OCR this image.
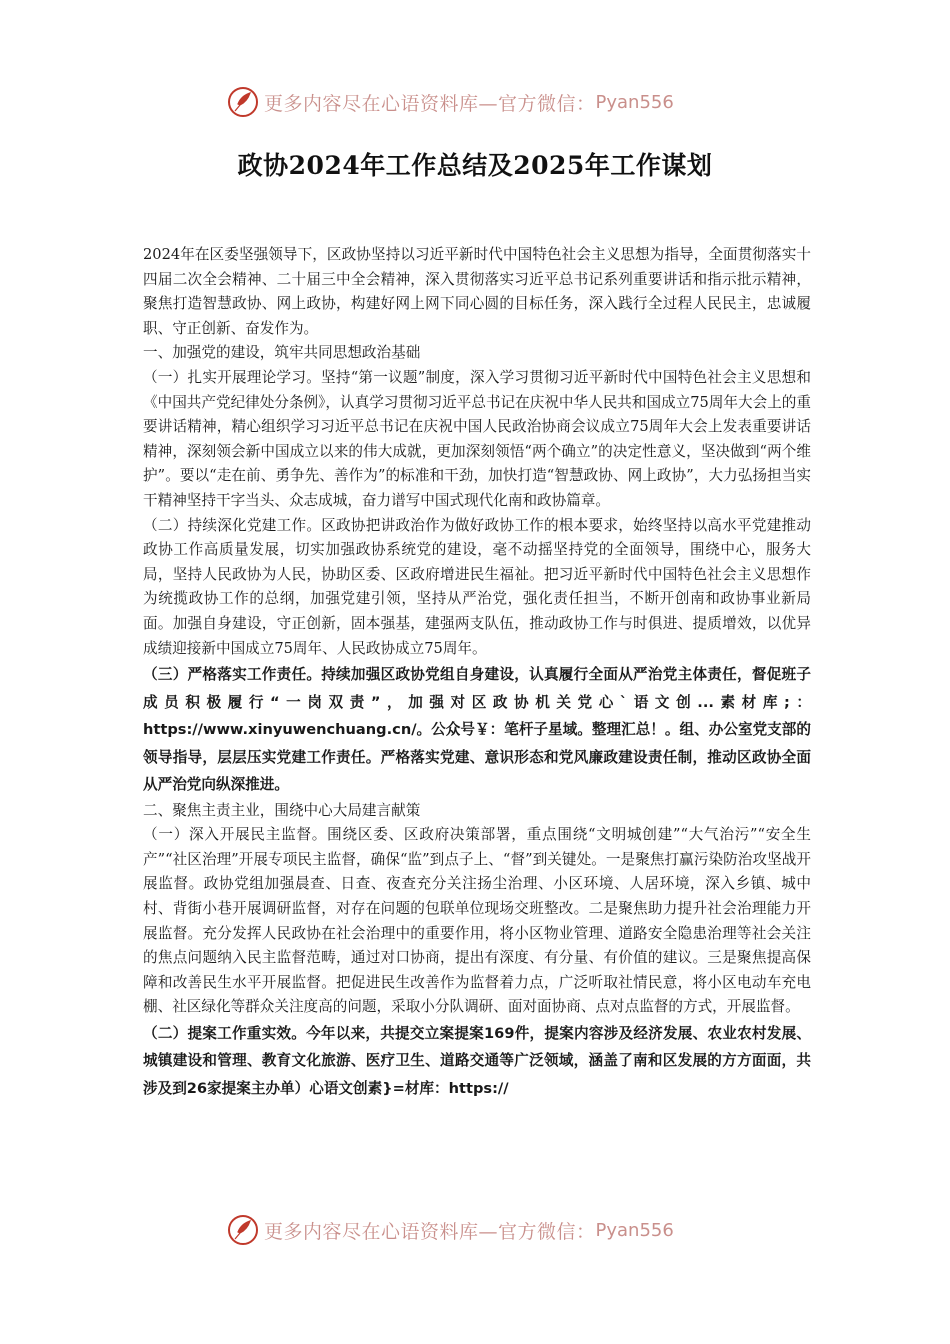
更多内容尽在心语资料库—官方微信： Pyan556
政协2024年工作总结及2025年工作谋划

2024年在区委坚强领导下，区政协坚持以习近平新时代中国特色社会主义思想为指导，全面贯彻落实十四届二次全会精神、二十届三中全会精神，深入贯彻落实习近平总书记系列重要讲话和指示批示精神，聚焦打造智慧政协、网上政协，构建好网上网下同心圆的目标任务，深入践行全过程人民民主，忠诚履职、守正创新、奋发作为。

一、加强党的建设，筑牢共同思想政治基础

（一）扎实开展理论学习。坚持“第一议题”制度，深入学习贯彻习近平新时代中国特色社会主义思想和《中国共产党纪律处分条例》，认真学习贯彻习近平总书记在庆祝中华人民共和国成立75周年大会上的重要讲话精神，精心组织学习习近平总书记在庆祝中国人民政治协商会议成立75周年大会上发表重要讲话精神，深刻领会新中国成立以来的伟大成就，更加深刻领悟“两个确立”的决定性意义，坚决做到“两个维护”。要以“走在前、勇争先、善作为”的标准和干劲，加快打造“智慧政协、网上政协”，大力弘扬担当实干精神坚持干字当头、众志成城，奋力谱写中国式现代化南和政协篇章。

（二）持续深化党建工作。区政协把讲政治作为做好政协工作的根本要求，始终坚持以高水平党建推动政协工作高质量发展，切实加强政协系统党的建设，毫不动摇坚持党的全面领导，围绕中心，服务大局，坚持人民政协为人民，协助区委、区政府增进民生福祉。把习近平新时代中国特色社会主义思想作为统揽政协工作的总纲，加强党建引领，坚持从严治党，强化责任担当，不断开创南和政协事业新局面。加强自身建设，守正创新，固本强基，建强两支队伍，推动政协工作与时俱进、提质增效，以优异成绩迎接新中国成立75周年、人民政协成立75周年。

（三）严格落实工作责任。持续加强区政协党组自身建设，认真履行全面从严治党主体责任，督促班子成员积极履行“一岗双责”，加强对区政协机关党心`语文创...素材库;：https://www.xinyuwenchuang.cn/。公众号￥：笔杆子星域。整理汇总！。组、办公室党支部的领导指导，层层压实党建工作责任。严格落实党建、意识形态和党风廉政建设责任制，推动区政协全面从严治党向纵深推进。

二、聚焦主责主业，围绕中心大局建言献策

（一）深入开展民主监督。围绕区委、区政府决策部署，重点围绕“文明城创建”“大气治污”“安全生产”“社区治理”开展专项民主监督，确保“监”到点子上、“督”到关键处。一是聚焦打赢污染防治攻坚战开展监督。政协党组加强晨查、日查、夜查充分关注扬尘治理、小区环境、人居环境，深入乡镇、城中村、背街小巷开展调研监督，对存在问题的包联单位现场交班整改。二是聚焦助力提升社会治理能力开展监督。充分发挥人民政协在社会治理中的重要作用，将小区物业管理、道路安全隐患治理等社会关注的焦点问题纳入民主监督范畴，通过对口协商，提出有深度、有分量、有价值的建议。三是聚焦提高保障和改善民生水平开展监督。把促进民生改善作为监督着力点，广泛听取社情民意，将小区电动车充电棚、社区绿化等群众关注度高的问题，采取小分队调研、面对面协商、点对点监督的方式，开展监督。

（二）提案工作重实效。今年以来，共提交立案提案169件，提案内容涉及经济发展、农业农村发展、城镇建设和管理、教育文化旅游、医疗卫生、道路交通等广泛领域，涵盖了南和区发展的方方面面，共涉及到26家提案主办单）心语文创素}=材库：https://

更多内容尽在心语资料库—官方微信： Pyan556
